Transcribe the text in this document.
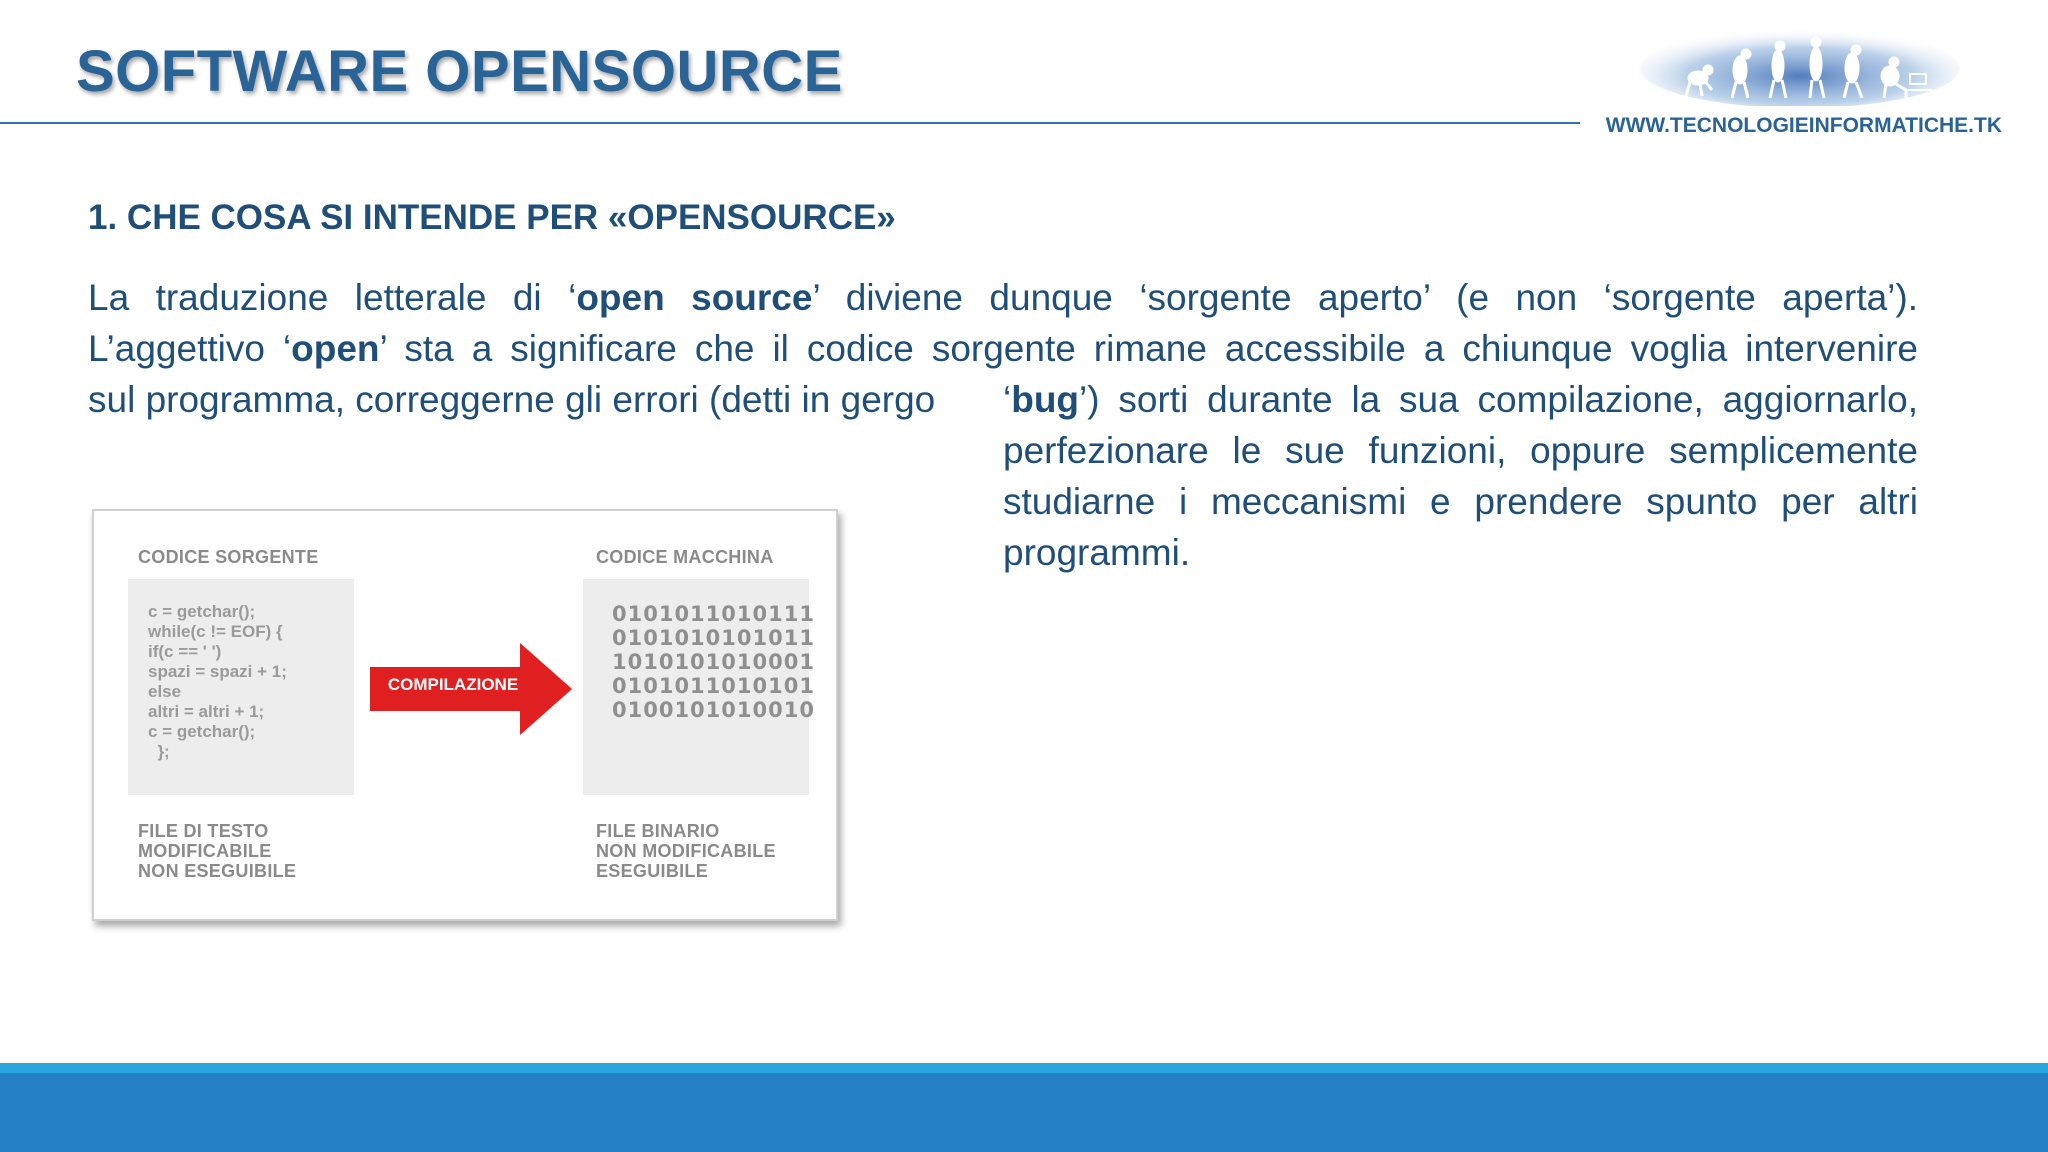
SOFTWARE OPENSOURCE
WWW.TECNOLOGIEINFORMATICHE.TK
1. CHE COSA SI INTENDE PER «OPENSOURCE»
La traduzione letterale di ‘open source’ diviene dunque ‘sorgente aperto’ (e non ‘sorgente aperta’).
L’aggettivo ‘open’ sta a significare che il codice sorgente rimane accessibile a chiunque voglia intervenire
sul programma, correggerne gli errori (detti in gergo ‘bug’) sorti durante la sua compilazione, aggiornarlo,
perfezionare le sue funzioni, oppure semplicemente
studiarne i meccanismi e prendere spunto per altri
programmi.
CODICE SORGENTE	CODICE MACCHINA
c = getchar();
while(c != EOF) {
if(c == ' ')
spazi = spazi + 1;
else
altri = altri + 1;
c = getchar();
};
0101011010111
0101010101011
1010101010001
0101011010101
0100101010010
COMPILAZIONE
FILE DI TESTO
MODIFICABILE
NON ESEGUIBILE
FILE BINARIO
NON MODIFICABILE
ESEGUIBILE
